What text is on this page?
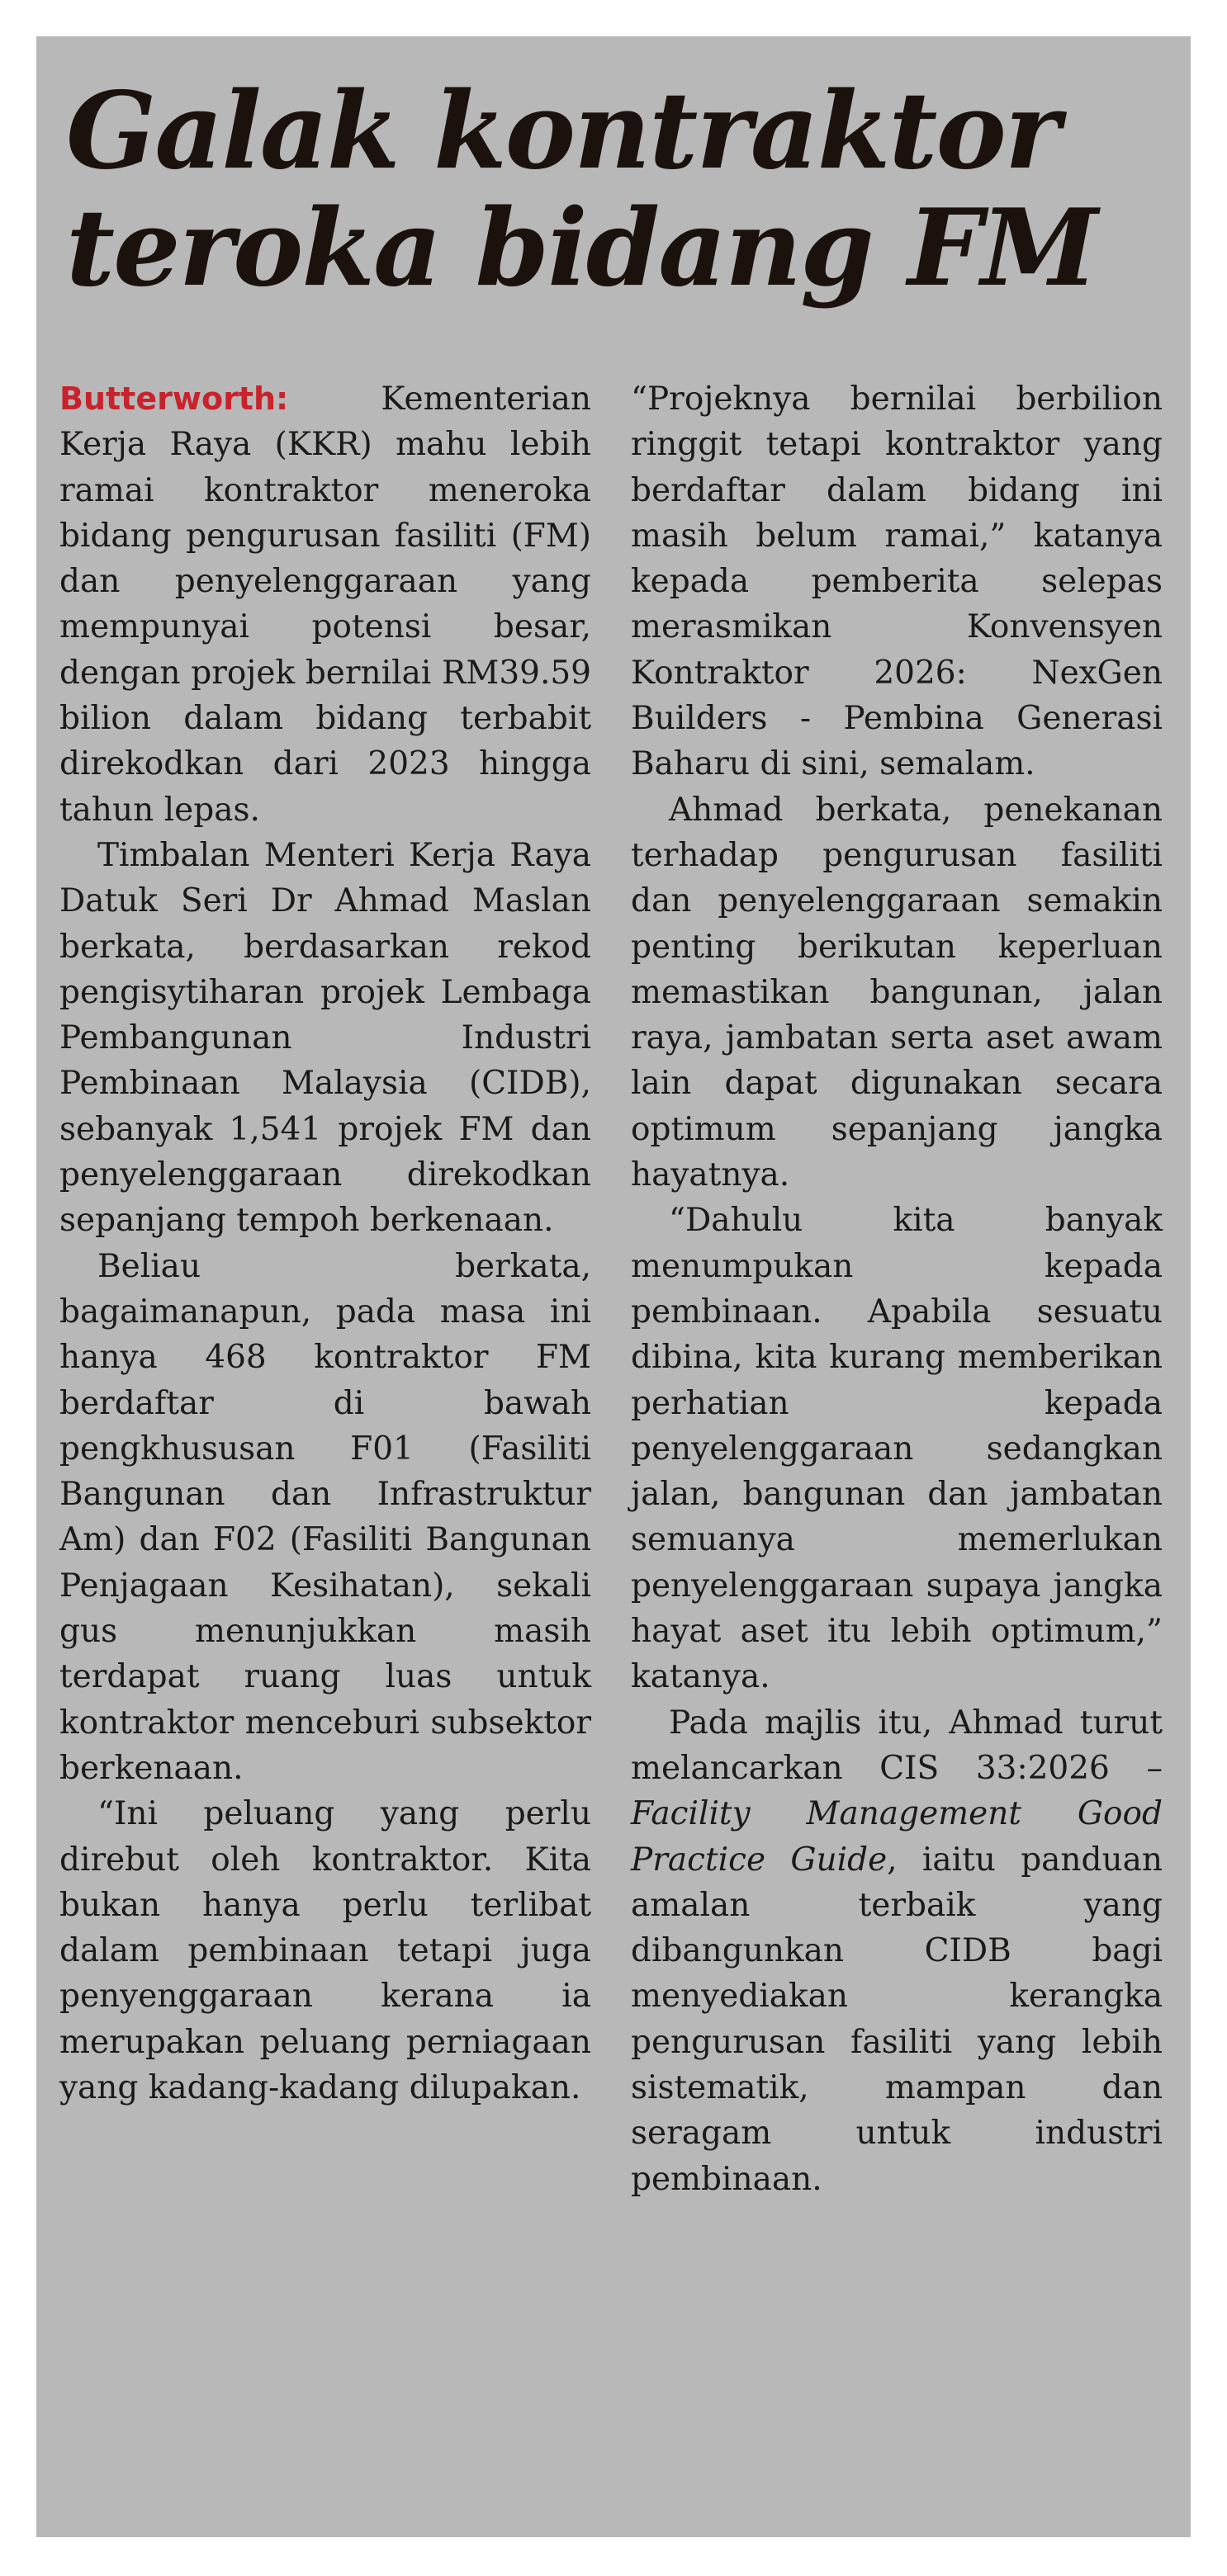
Galak kontraktor
teroka bidang FM

Butterworth:	Kementerian Kerja Raya (KKR) mahu lebih ramai kontraktor meneroka bidang pengurusan fasiliti (FM) dan penyelenggaraan yang mempunyai potensi besar, dengan projek bernilai RM39.59 bilion dalam bidang terbabit direkodkan dari 2023 hingga tahun lepas.

Timbalan Menteri Kerja Raya Datuk Seri Dr Ahmad Maslan berkata, berdasarkan rekod pengisytiharan projek Lembaga Pembangunan Industri Pembinaan Malaysia (CIDB), sebanyak 1,541 projek FM dan penyelenggaraan direkodkan sepanjang tempoh berkenaan.

Beliau berkata, bagaimanapun, pada masa ini hanya 468 kontraktor FM berdaftar di bawah pengkhususan F01 (Fasiliti Bangunan dan Infrastruktur Am) dan F02 (Fasiliti Bangunan Penjagaan Kesihatan), sekali gus menunjukkan masih terdapat ruang luas untuk kontraktor menceburi subsektor berkenaan.

“Ini peluang yang perlu direbut oleh kontraktor. Kita bukan hanya perlu terlibat dalam pembinaan tetapi juga penyenggaraan kerana ia merupakan peluang perniagaan yang kadang-kadang dilupakan.

“Projeknya bernilai berbilion ringgit tetapi kontraktor yang berdaftar dalam bidang ini masih belum ramai,” katanya kepada pemberita selepas merasmikan Konvensyen Kontraktor 2026: NexGen Builders - Pembina Generasi Baharu di sini, semalam.

Ahmad berkata, penekanan terhadap pengurusan fasiliti dan penyelenggaraan semakin penting berikutan keperluan memastikan bangunan, jalan raya, jambatan serta aset awam lain dapat digunakan secara optimum sepanjang jangka hayatnya.

“Dahulu kita banyak menumpukan kepada pembinaan. Apabila sesuatu dibina, kita kurang memberikan perhatian kepada penyelenggaraan sedangkan jalan, bangunan dan jambatan semuanya memerlukan penyelenggaraan supaya jangka hayat aset itu lebih optimum,” katanya.

Pada majlis itu, Ahmad turut melancarkan CIS 33:2026 – Facility Management Good Practice Guide, iaitu panduan amalan terbaik yang dibangunkan CIDB bagi menyediakan kerangka pengurusan fasiliti yang lebih sistematik, mampan dan seragam untuk industri pembinaan.
